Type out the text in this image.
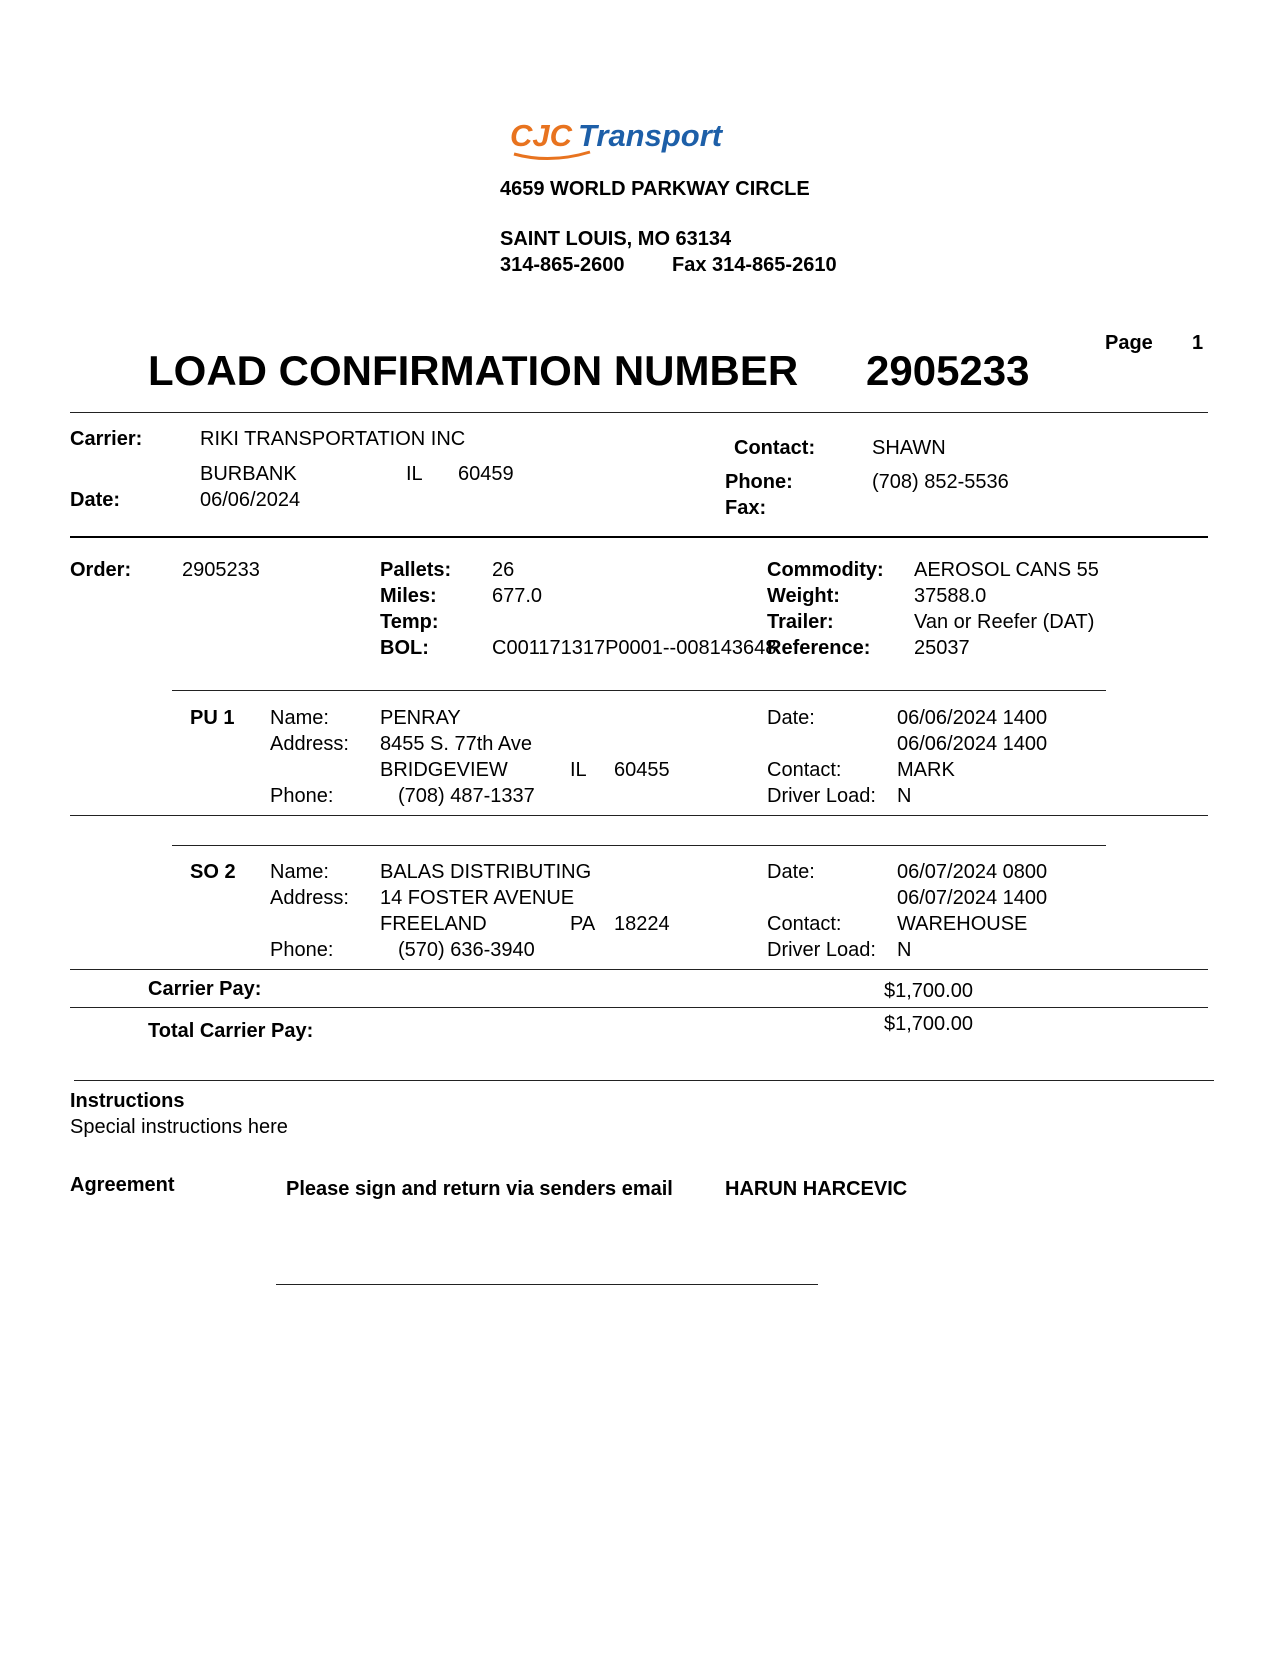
CJC Transport
4659 WORLD PARKWAY CIRCLE
SAINT LOUIS, MO 63134
314-865-2600 Fax 314-865-2610
LOAD CONFIRMATION NUMBER 2905233
Page 1
Carrier:	RIKI TRANSPORTATION INC
BURBANK	IL 60459
Date:	06/06/2024
Contact:	SHAWN
Phone:	(708) 852-5536
Fax:
Order:	2905233	Pallets: 26
Miles:	677.0
Temp:
BOL:	C001171317P0001--008143648
Commodity: AEROSOL CANS 55
Weight:	37588.0
Trailer:	Van or Reefer (DAT)
Reference: 25037
PU 1 Name:	PENRAY
Address: 8455 S. 77th Ave
BRIDGEVIEW	IL 60455
Phone:	(708) 487-1337
Date:	06/06/2024 1400
06/06/2024 1400
Contact:	MARK
Driver Load: N
SO 2 Name:	BALAS DISTRIBUTING
Address: 14 FOSTER AVENUE
FREELAND	PA 18224
Phone:	(570) 636-3940
Date:	06/07/2024 0800
06/07/2024 1400
Contact:	WAREHOUSE
Driver Load: N
Carrier Pay:	$1,700.00
Total Carrier Pay:	$1,700.00
Instructions
Special instructions here
Agreement	Please sign and return via senders email	HARUN HARCEVIC
